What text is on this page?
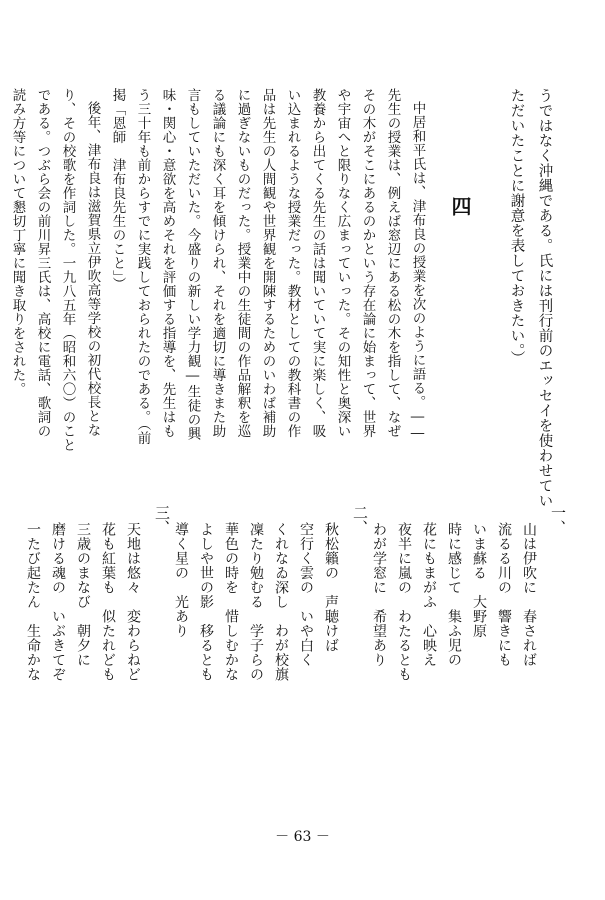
うではなく沖縄である。氏には刊行前のエッセイを使わせてい
ただいたことに謝意を表しておきたい。）
四
中居和平氏は、津布良の授業を次のように語る。――
先生の授業は、例えば窓辺にある松の木を指して、なぜ
その木がそこにあるのかという存在論に始まって、世界
や宇宙へと限りなく広まっていった。その知性と奥深い
教養から出てくる先生の話は聞いていて実に楽しく、吸
い込まれるような授業だった。教材としての教科書の作
品は先生の人間観や世界観を開陳するためのいわば補助
に過ぎないものだった。授業中の生徒間の作品解釈を巡
る議論にも深く耳を傾けられ、それを適切に導きまた助
言もしていただいた。今盛りの新しい学力観―生徒の興
味・関心・意欲を高めそれを評価する指導を、先生はも
う三十年も前からすでに実践しておられたのである。（前
掲「恩師　津布良先生のこと」）
後年、津布良は滋賀県立伊吹高等学校の初代校長とな
り、その校歌を作詞した。一九八五年（昭和六〇）のこと
である。つぶら会の前川昇三氏は、高校に電話、歌詞の
読み方等について懇切丁寧に聞き取りをされた。
一、
山は伊吹に　春されば
流るる川の　響きにも
いま蘇る　大野原
時に感じて　集ふ児の
花にもまがふ　心映え
夜半に嵐の　わたるとも
わが学窓に　希望あり
二、
秋松籟の　声聴けば
空行く雲の　いや白く
くれなゐ深し　わが校旗
凜たり勉むる　学子らの
華色の時を　惜しむかな
よしや世の影　移るとも
導く星の　光あり
三、
天地は悠々　変わらねど
花も紅葉も　似たれども
三歳のまなび　朝夕に
磨ける魂の　いぶきてぞ
一たび起たん　生命かな
－ 63 －
